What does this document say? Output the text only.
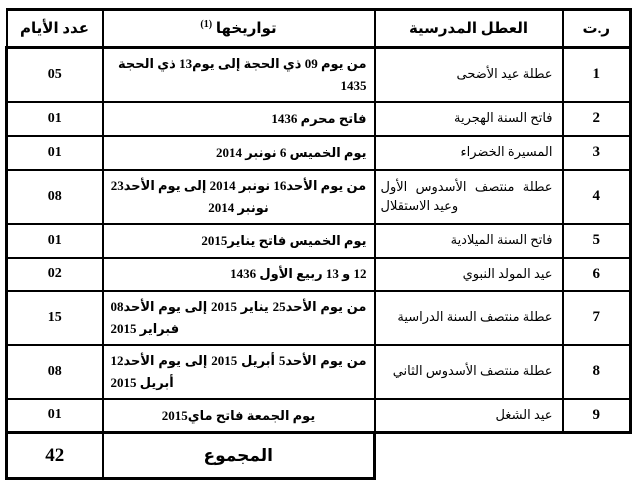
ر.ت	العطل المدرسية	تواريخها $^{(1)}$	عدد الأيام
1	عطلة عيد الأضحى	من يوم 09 ذي الحجة إلى يوم13 ذي الحجة 1435	05
2	فاتح السنة الهجرية	فاتح محرم 1436	01
3	المسيرة الخضراء	يوم الخميس 6 نونبر 2014	01
4	عطلة منتصف الأسدوس الأول وعيد الاستقلال	من يوم الأحد16 نونبر 2014 إلى يوم الأحد23 نونبر 2014	08
5	فاتح السنة الميلادية	يوم الخميس فاتح يناير2015	01
6	عيد المولد النبوي	12 و 13 ربيع الأول 1436	02
7	عطلة منتصف السنة الدراسية	من يوم الأحد25 يناير 2015 إلى يوم الأحد08 فبراير 2015	15
8	عطلة منتصف الأسدوس الثاني	من يوم الأحد5 أبريل 2015 إلى يوم الأحد12 أبريل 2015	08
9	عيد الشغل	يوم الجمعة فاتح ماي2015	01
		المجموع	42
